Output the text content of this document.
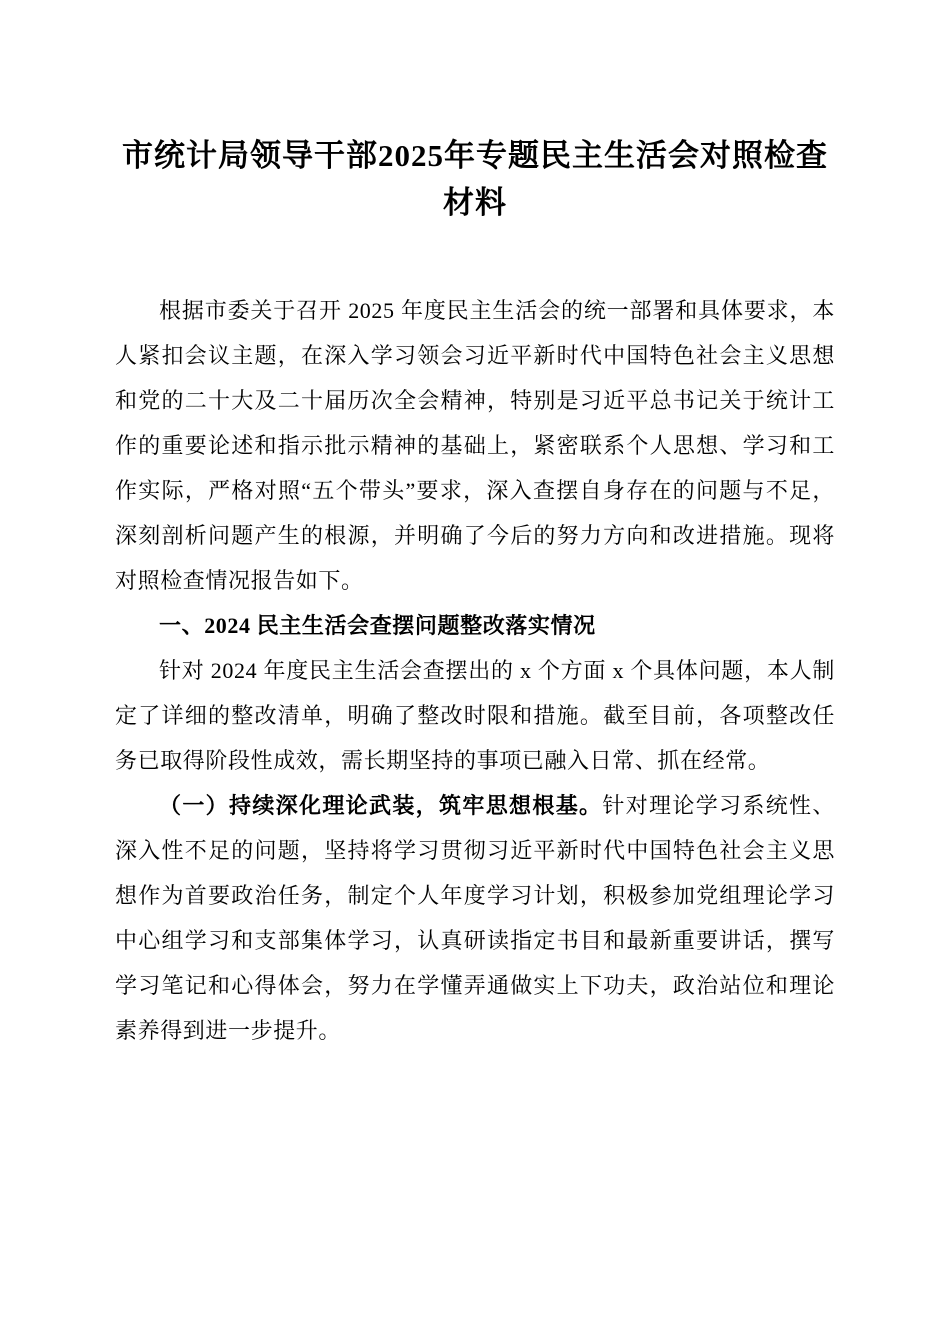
市统计局领导干部2025年专题民主生活会对照检查材料

根据市委关于召开 2025 年度民主生活会的统一部署和具体要求，本人紧扣会议主题，在深入学习领会习近平新时代中国特色社会主义思想和党的二十大及二十届历次全会精神，特别是习近平总书记关于统计工作的重要论述和指示批示精神的基础上，紧密联系个人思想、学习和工作实际，严格对照“五个带头”要求，深入查摆自身存在的问题与不足，深刻剖析问题产生的根源，并明确了今后的努力方向和改进措施。现将对照检查情况报告如下。

一、2024 民主生活会查摆问题整改落实情况

针对 2024 年度民主生活会查摆出的 x 个方面 x 个具体问题，本人制定了详细的整改清单，明确了整改时限和措施。截至目前，各项整改任务已取得阶段性成效，需长期坚持的事项已融入日常、抓在经常。

（一）持续深化理论武装，筑牢思想根基。针对理论学习系统性、深入性不足的问题，坚持将学习贯彻习近平新时代中国特色社会主义思想作为首要政治任务，制定个人年度学习计划，积极参加党组理论学习中心组学习和支部集体学习，认真研读指定书目和最新重要讲话，撰写学习笔记和心得体会，努力在学懂弄通做实上下功夫，政治站位和理论素养得到进一步提升。
